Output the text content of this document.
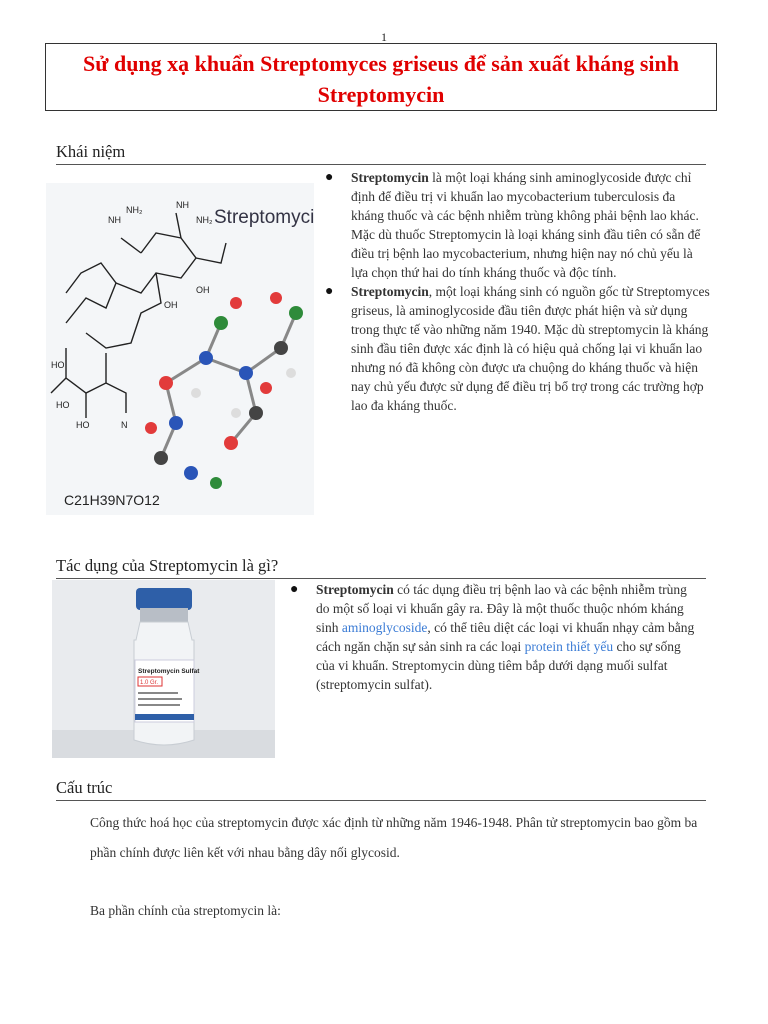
1
Sử dụng xạ khuẩn Streptomyces griseus để sản xuất kháng sinh Streptomycin
Khái niệm
Streptomycin
NH
NH₂	NH
NH₂
HO
HO	N
HO
OH
OH
C21H39N7O12
● Streptomycin là một loại kháng sinh aminoglycoside được chỉ định để điều trị vi khuẩn lao mycobacterium tuberculosis đa kháng thuốc và các bệnh nhiễm trùng không phải bệnh lao khác. Mặc dù thuốc Streptomycin là loại kháng sinh đầu tiên có sẵn để điều trị bệnh lao mycobacterium, nhưng hiện nay nó chủ yếu là lựa chọn thứ hai do tính kháng thuốc và độc tính.
● Streptomycin, một loại kháng sinh có nguồn gốc từ Streptomyces griseus, là aminoglycoside đầu tiên được phát hiện và sử dụng trong thực tế vào những năm 1940. Mặc dù streptomycin là kháng sinh đầu tiên được xác định là có hiệu quả chống lại vi khuẩn lao nhưng nó đã không còn được ưa chuộng do kháng thuốc và hiện nay chủ yếu được sử dụng để điều trị bổ trợ trong các trường hợp lao đa kháng thuốc.
Tác dụng của Streptomycin là gì?
Streptomycin Sulfat
1.0 Gr.
● Streptomycin có tác dụng điều trị bệnh lao và các bệnh nhiễm trùng do một số loại vi khuẩn gây ra. Đây là một thuốc thuộc nhóm kháng sinh aminoglycoside, có thể tiêu diệt các loại vi khuẩn nhạy cảm bằng cách ngăn chặn sự sản sinh ra các loại protein thiết yếu cho sự sống của vi khuẩn. Streptomycin dùng tiêm bắp dưới dạng muối sulfat (streptomycin sulfat).
Cấu trúc
Công thức hoá học của streptomycin được xác định từ những năm 1946-1948. Phân tử streptomycin bao gồm ba phần chính được liên kết với nhau bằng dây nối glycosid.
Ba phần chính của streptomycin là:
